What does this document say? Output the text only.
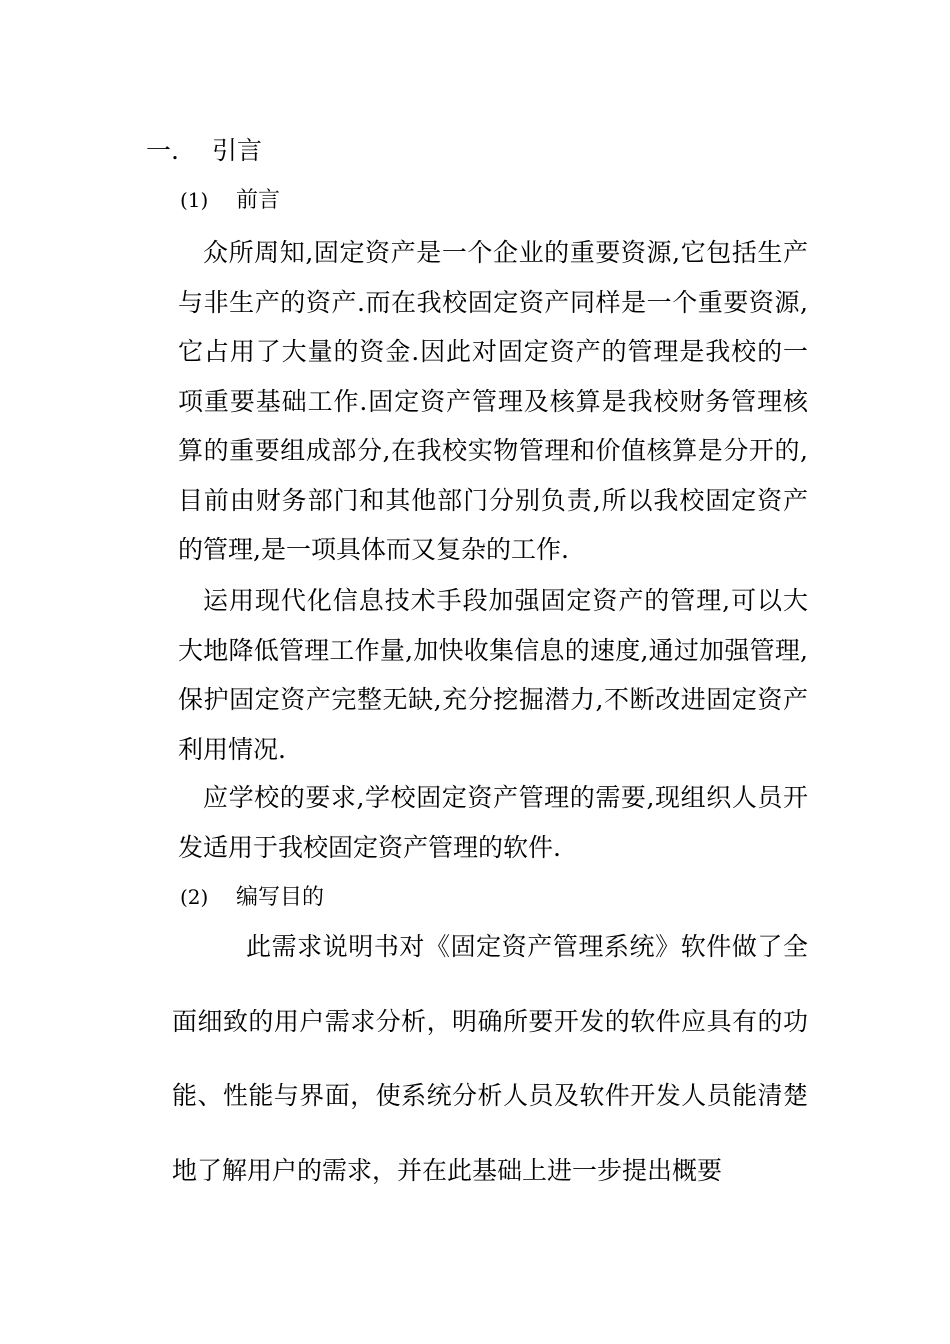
一. 引言
(1) 前言

众所周知,固定资产是一个企业的重要资源,它包括生产与非生产的资产.而在我校固定资产同样是一个重要资源,它占用了大量的资金.因此对固定资产的管理是我校的一项重要基础工作.固定资产管理及核算是我校财务管理核算的重要组成部分,在我校实物管理和价值核算是分开的,目前由财务部门和其他部门分别负责,所以我校固定资产的管理,是一项具体而又复杂的工作.

运用现代化信息技术手段加强固定资产的管理,可以大大地降低管理工作量,加快收集信息的速度,通过加强管理,保护固定资产完整无缺,充分挖掘潜力,不断改进固定资产利用情况.

应学校的要求,学校固定资产管理的需要,现组织人员开发适用于我校固定资产管理的软件.

(2) 编写目的

此需求说明书对《固定资产管理系统》软件做了全面细致的用户需求分析，明确所要开发的软件应具有的功能、性能与界面，使系统分析人员及软件开发人员能清楚地了解用户的需求，并在此基础上进一步提出概要
